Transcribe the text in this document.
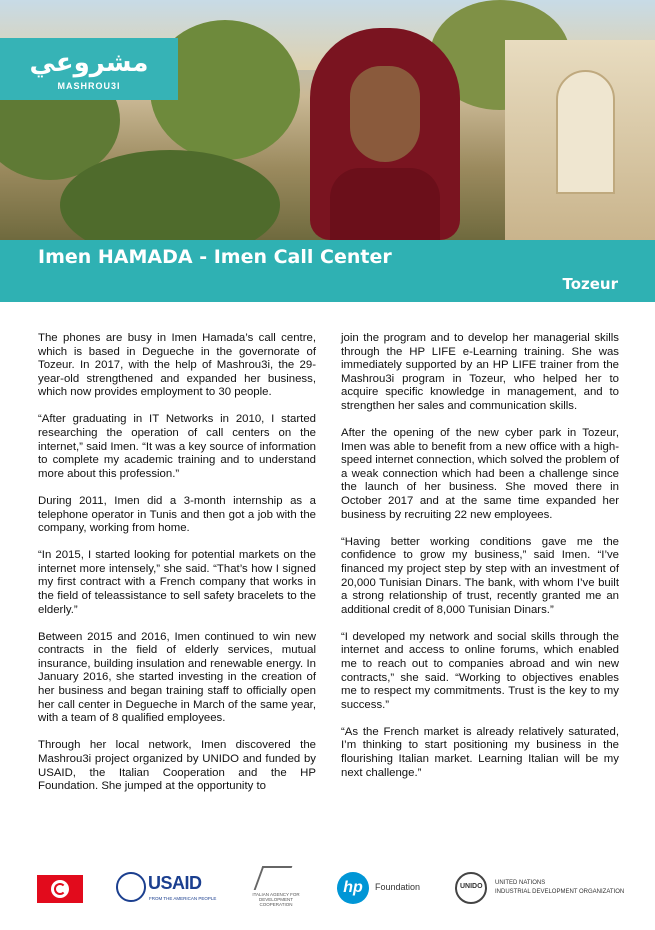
مشروعي
MASHROU3I
Imen HAMADA - Imen Call Center
Tozeur

The phones are busy in Imen Hamada’s call centre, which is based in Degueche in the governorate of Tozeur. In 2017, with the help of Mashrou3i, the 29-year-old strengthened and expanded her business, which now provides employment to 30 people.

“After graduating in IT Networks in 2010, I started researching the operation of call centers on the internet,” said Imen. “It was a key source of information to complete my academic training and to understand more about this profession.”

During 2011, Imen did a 3-month internship as a telephone operator in Tunis and then got a job with the company, working from home.

“In 2015, I started looking for potential markets on the internet more intensely,” she said. “That’s how I signed my first contract with a French company that works in the field of teleassistance to sell safety bracelets to the elderly.”

Between 2015 and 2016, Imen continued to win new contracts in the field of elderly services, mutual insurance, building insulation and renewable energy. In January 2016, she started investing in the creation of her business and began training staff to officially open her call center in Degueche in March of the same year, with a team of 8 qualified employees.

Through her local network, Imen discovered the Mashrou3i project organized by UNIDO and funded by USAID, the Italian Cooperation and the HP Foundation. She jumped at the opportunity to

join the program and to develop her managerial skills through the HP LIFE e-Learning training. She was immediately supported by an HP LIFE trainer from the Mashrou3i program in Tozeur, who helped her to acquire specific knowledge in management, and to strengthen her sales and communication skills.

After the opening of the new cyber park in Tozeur, Imen was able to benefit from a new office with a high-speed internet connection, which solved the problem of a weak connection which had been a challenge since the launch of her business. She moved there in October 2017 and at the same time expanded her business by recruiting 22 new employees.

“Having better working conditions gave me the confidence to grow my business,” said Imen. “I’ve financed my project step by step with an investment of 20,000 Tunisian Dinars. The bank, with whom I’ve built a strong relationship of trust, recently granted me an additional credit of 8,000 Tunisian Dinars.”

“I developed my network and social skills through the internet and access to online forums, which enabled me to reach out to companies abroad and win new contracts,” she said. “Working to objectives enables me to respect my commitments. Trust is the key to my success.”

“As the French market is already relatively saturated, I’m thinking to start positioning my business in the flourishing Italian market. Learning Italian will be my next challenge.”

USAID
FROM THE AMERICAN PEOPLE
ITALIAN AGENCY FOR DEVELOPMENT COOPERATION
hp	Foundation	UNIDO UNITED NATIONS
INDUSTRIAL DEVELOPMENT ORGANIZATION
